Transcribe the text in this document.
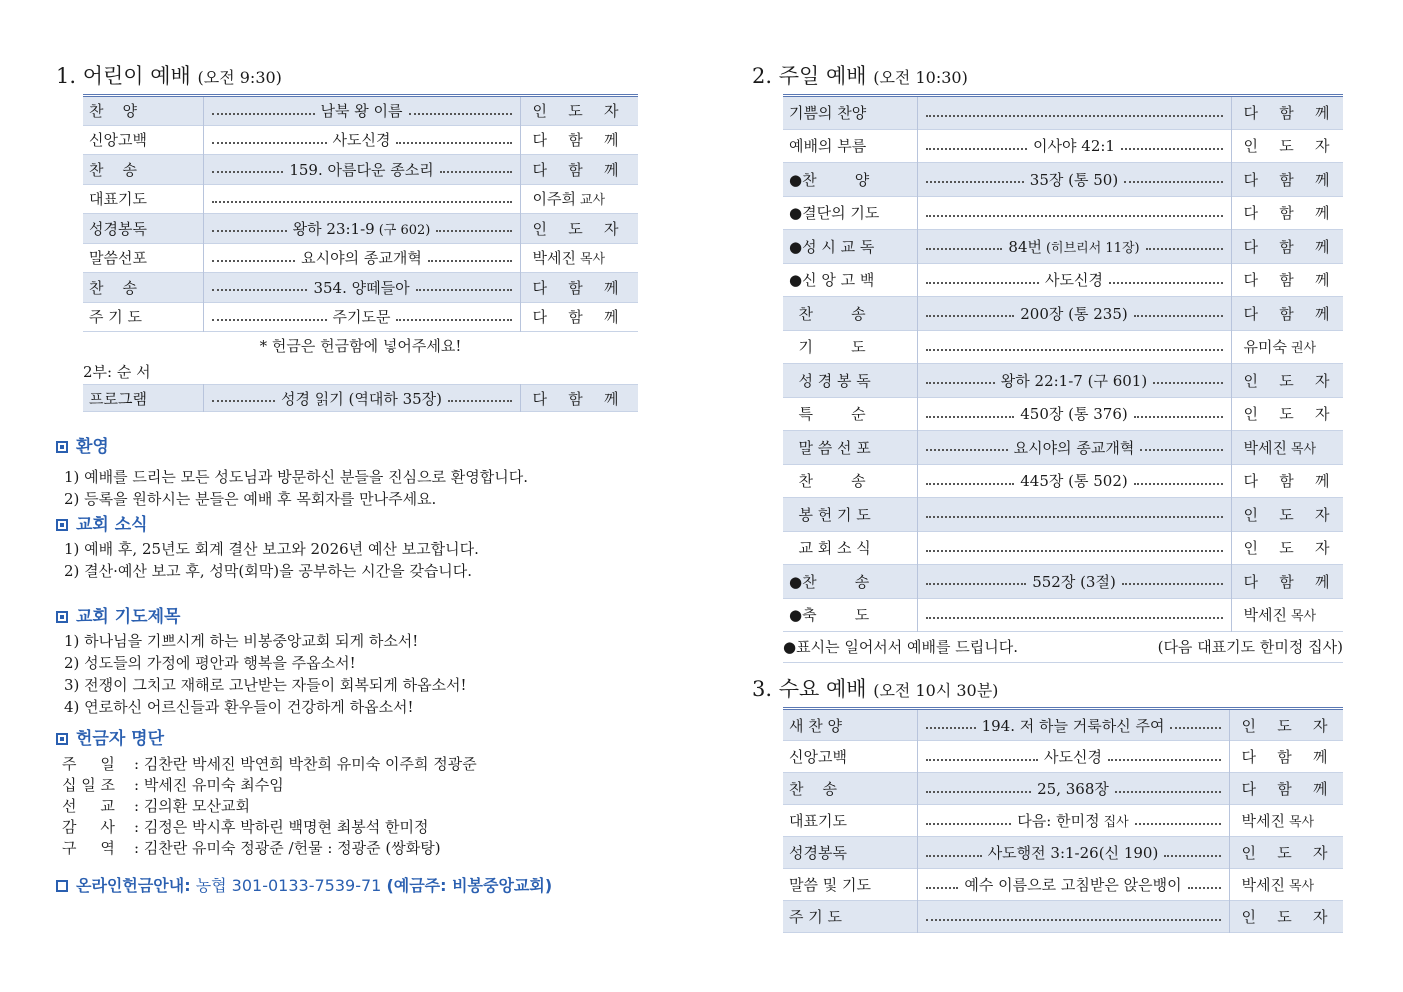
1. 어린이 예배 (오전 9:30)
찬    양	남북 왕 이름	인 도 자
신앙고백	사도신경	다 함 께
찬    송	159. 아름다운 종소리	다 함 께
대표기도		이주희 교사
성경봉독	왕하 23:1-9 (구 602)	인 도 자
말씀선포	요시야의 종교개혁	박세진 목사
찬    송	354. 양떼들아	다 함 께
주 기 도	주기도문	다 함 께
* 헌금은 헌금함에 넣어주세요!
2부: 순 서
프로그램	성경 읽기 (역대하 35장)	다 함 께
환영
1) 예배를 드리는 모든 성도님과 방문하신 분들을 진심으로 환영합니다.
2) 등록을 원하시는 분들은 예배 후 목회자를 만나주세요.
교회 소식
1) 예배 후, 25년도 회계 결산 보고와 2026년 예산 보고합니다.
2) 결산·예산 보고 후, 성막(회막)을 공부하는 시간을 갖습니다.
교회 기도제목
1) 하나님을 기쁘시게 하는 비봉중앙교회 되게 하소서!
2) 성도들의 가정에 평안과 행복을 주옵소서!
3) 전쟁이 그치고 재해로 고난받는 자들이 회복되게 하옵소서!
4) 연로하신 어르신들과 환우들이 건강하게 하옵소서!
헌금자 명단
주     일 : 김찬란 박세진 박연희 박찬희 유미숙 이주희 정광준
십 일 조 : 박세진 유미숙 최수임
선     교 : 김의환 모산교회
감     사 : 김정은 박시후 박하린 백명현 최봉석 한미정
구     역 : 김찬란 유미숙 정광준 /헌물 : 정광준 (쌍화탕)
온라인헌금안내: 농협 301-0133-7539-71 (예금주: 비봉중앙교회)
2. 주일 예배 (오전 10:30)
기쁨의 찬양		다 함 께
예배의 부름	이사야 42:1	인 도 자
●찬        양	35장 (통 50)	다 함 께
●결단의 기도		다 함 께
●성 시 교 독	84번 (히브리서 11장)	다 함 께
●신 앙 고 백	사도신경	다 함 께
찬        송	200장 (통 235)	다 함 께
기        도		유미숙 권사
성 경 봉 독	왕하 22:1-7 (구 601)	인 도 자
특        순	450장 (통 376)	인 도 자
말 씀 선 포	요시야의 종교개혁	박세진 목사
찬        송	445장 (통 502)	다 함 께
봉 헌 기 도		인 도 자
교 회 소 식		인 도 자
●찬        송	552장 (3절)	다 함 께
●축        도		박세진 목사
●표시는 일어서서 예배를 드립니다.	(다음 대표기도 한미정 집사)
3. 수요 예배 (오전 10시 30분)
새 찬 양	194. 저 하늘 거룩하신 주여	인 도 자
신앙고백	사도신경	다 함 께
찬    송	25, 368장	다 함 께
대표기도	다음: 한미정 집사	박세진 목사
성경봉독	사도행전 3:1-26(신 190)	인 도 자
말씀 및 기도	예수 이름으로 고침받은 앉은뱅이	박세진 목사
주 기 도		인 도 자
